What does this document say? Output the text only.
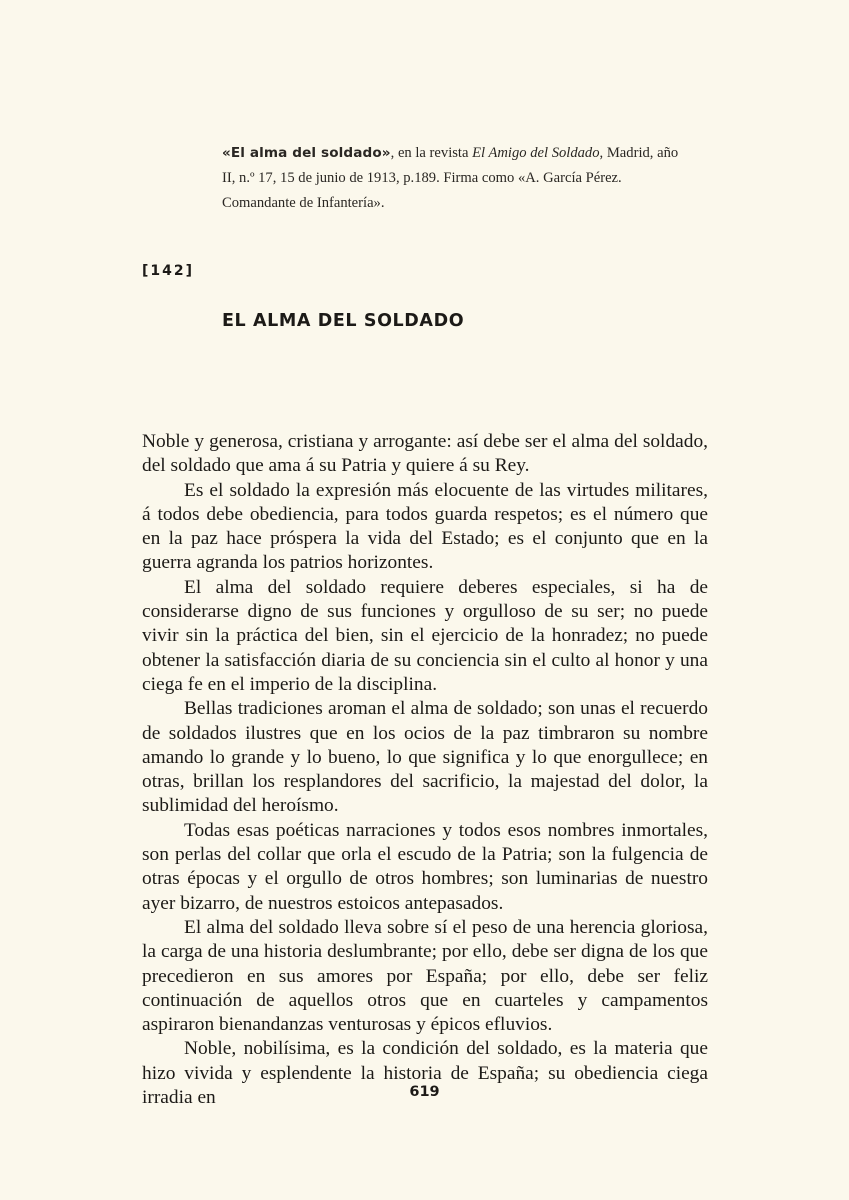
«El alma del soldado», en la revista El Amigo del Soldado, Madrid, año II, n.º 17, 15 de junio de 1913, p.189. Firma como «A. García Pérez. Comandante de Infantería».
[142]
EL ALMA DEL SOLDADO

Noble y generosa, cristiana y arrogante: así debe ser el alma del soldado, del soldado que ama á su Patria y quiere á su Rey.

Es el soldado la expresión más elocuente de las virtudes militares, á todos debe obediencia, para todos guarda respetos; es el número que en la paz hace próspera la vida del Estado; es el conjunto que en la guerra agranda los patrios horizontes.

El alma del soldado requiere deberes especiales, si ha de considerarse digno de sus funciones y orgulloso de su ser; no puede vivir sin la práctica del bien, sin el ejercicio de la honradez; no puede obtener la satisfacción diaria de su conciencia sin el culto al honor y una ciega fe en el imperio de la disciplina.

Bellas tradiciones aroman el alma de soldado; son unas el recuerdo de soldados ilustres que en los ocios de la paz timbraron su nombre amando lo grande y lo bueno, lo que significa y lo que enorgullece; en otras, brillan los resplandores del sacrificio, la majestad del dolor, la sublimidad del heroísmo.

Todas esas poéticas narraciones y todos esos nombres inmortales, son perlas del collar que orla el escudo de la Patria; son la fulgencia de otras épocas y el orgullo de otros hombres; son luminarias de nuestro ayer bizarro, de nuestros estoicos antepasados.

El alma del soldado lleva sobre sí el peso de una herencia gloriosa, la carga de una historia deslumbrante; por ello, debe ser digna de los que precedieron en sus amores por España; por ello, debe ser feliz continuación de aquellos otros que en cuarteles y campamentos aspiraron bienandanzas venturosas y épicos efluvios.

Noble, nobilísima, es la condición del soldado, es la materia que hizo vivida y esplendente la historia de España; su obediencia ciega irradia en	619
